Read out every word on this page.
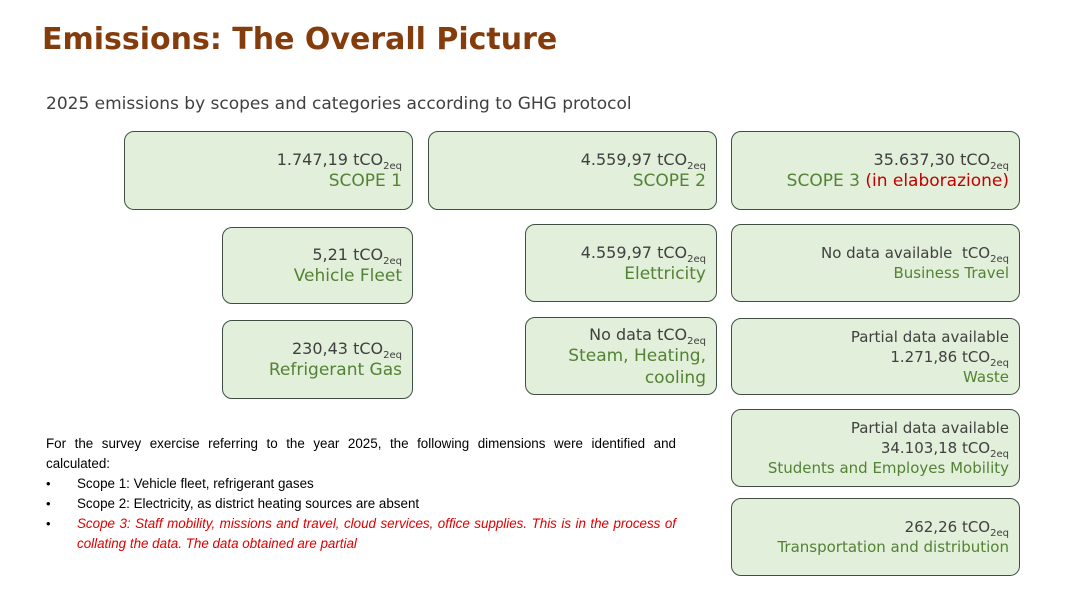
Emissions: The Overall Picture
2025 emissions by scopes and categories according to GHG protocol
1.747,19 tCO$_{2eq}$
SCOPE 1
5,21 tCO$_{2eq}$
Vehicle Fleet
230,43 tCO$_{2eq}$
Refrigerant Gas
4.559,97 tCO$_{2eq}$
SCOPE 2
4.559,97 tCO$_{2eq}$
Elettricity
No data tCO$_{2eq}$
Steam, Heating,
cooling
35.637,30 tCO$_{2eq}$
SCOPE 3 (in elaborazione)
No data available tCO$_{2eq}$
Business Travel
Partial data available
1.271,86 tCO$_{2eq}$
Waste
Partial data available
34.103,18 tCO$_{2eq}$
Students and Employes Mobility
262,26 tCO$_{2eq}$
Transportation and distribution

For the survey exercise referring to the year 2025, the following dimensions were identified and calculated:

• Scope 1: Vehicle fleet, refrigerant gases
• Scope 2: Electricity, as district heating sources are absent
• Scope 3: Staff mobility, missions and travel, cloud services, office supplies. This is in the process of collating the data. The data obtained are partial
